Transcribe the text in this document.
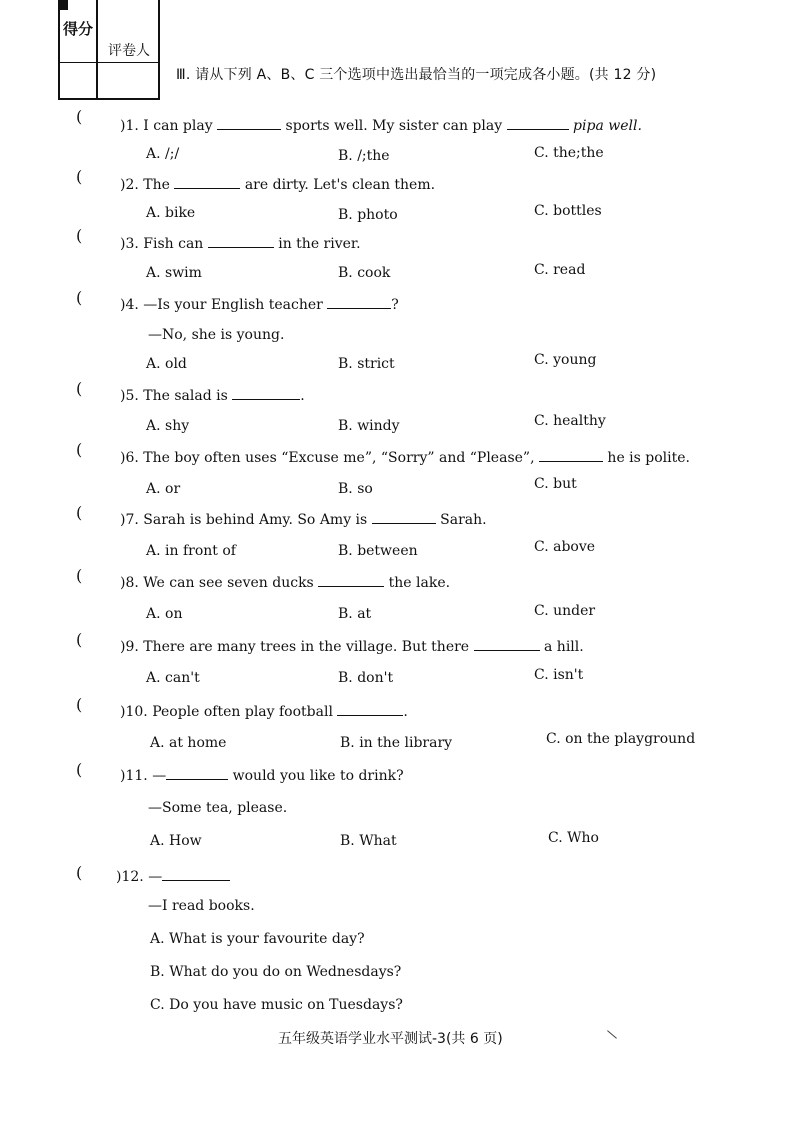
得分
评卷人
Ⅲ. 请从下列 A、B、C 三个选项中选出最恰当的一项完成各小题。(共 12 分)
(	)1. I can play	sports well. My sister can play	pipa well.
A. /;/	B. /;the	C. the;the
(	)2. The	are dirty. Let's clean them.
A. bike	B. photo	C. bottles
(	)3. Fish can	in the river.
A. swim	B. cook	C. read
(	)4. —Is your English teacher	?
—No, she is young.
A. old	B. strict	C. young
(	)5. The salad is	.
A. shy	B. windy	C. healthy
(	)6. The boy often uses “Excuse me”, “Sorry” and “Please”,	he is polite.
A. or	B. so	C. but
(	)7. Sarah is behind Amy. So Amy is	Sarah.
A. in front of	B. between	C. above
(	)8. We can see seven ducks	the lake.
A. on	B. at	C. under
(	)9. There are many trees in the village. But there	a hill.
A. can't	B. don't	C. isn't
(	)10. People often play football	.
A. at home	B. in the library	C. on the playground
(	)11. —	would you like to drink?
—Some tea, please.
A. How	B. What	C. Who
( )12. —
—I read books.
A. What is your favourite day?
B. What do you do on Wednesdays?
C. Do you have music on Tuesdays?
五年级英语学业水平测试-3(共 6 页)
